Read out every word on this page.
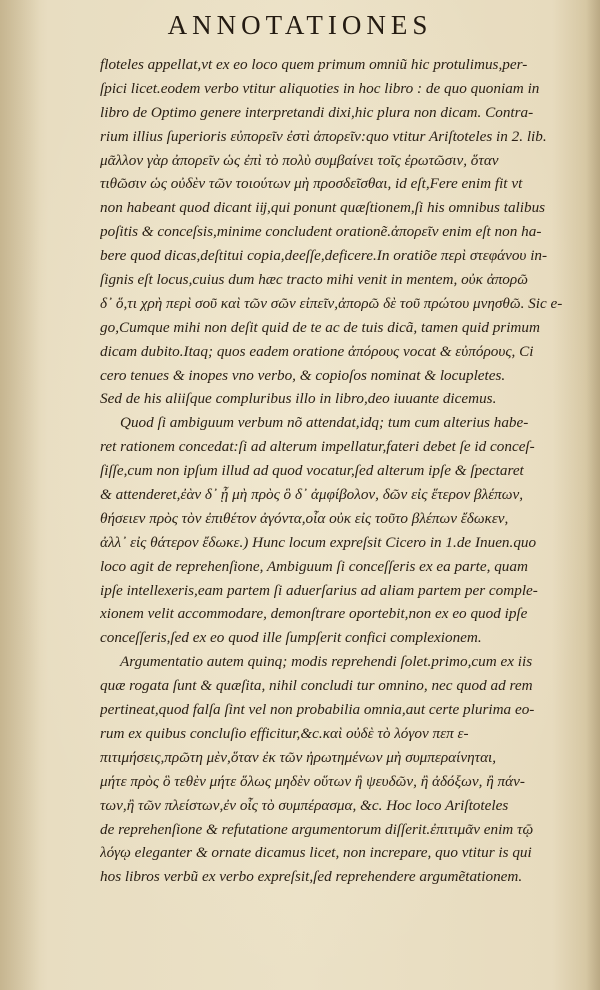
ANNOTATIONES
floteles appellat,vt ex eo loco quem primum omniũ hic protulimus,per-
ſpici licet.eodem verbo vtitur aliquoties in hoc libro : de quo quoniam in
libro de Optimo genere interpretandi dixi,hic plura non dicam. Contra-
rium illius ſuperioris εὐπορεῖν ἐστὶ ἀπορεῖν:quo vtitur Ariſtoteles in 2. lib.
μᾶλλον γὰρ ἀπορεῖν ὡς ἐπὶ τὸ πολὺ συμβαίνει τοῖς ἐρωτῶσιν, ὅταν
τιθῶσιν ὡς οὐδὲν τῶν τοιούτων μὴ προσδεῖσθαι, id eſt,Fere enim fit vt
non habeant quod dicant iĳ,qui ponunt quæſtionem,ſi his omnibus talibus
poſitis & conceſsis,minime concludent orationẽ.ἀπορεῖν enim eſt non ha-
bere quod dicas,deſtitui copia,deeſſe,deficere.In oratiõe περὶ στεφάνου in-
ſignis eſt locus,cuius dum hæc tracto mihi venit in mentem, οὐκ ἀπορῶ
δ᾽ ὅ,τι χρὴ περὶ σοῦ καὶ τῶν σῶν εἰπεῖν,ἀπορῶ δὲ τοῦ πρώτου μνησθῶ. Sic e-
go,Cumque mihi non deſit quid de te ac de tuis dicã, tamen quid primum
dicam dubito.Itaq; quos eadem oratione ἀπόρους vocat & εὐπόρους, Ci
cero tenues & inopes vno verbo, & copioſos nominat & locupletes.
Sed de his aliiſque compluribus illo in libro,deo iuuante dicemus.
Quod ſi ambiguum verbum nõ attendat,idq; tum cum alterius habe-
ret rationem concedat:ſi ad alterum impellatur,fateri debet ſe id conceſ-
ſiſſe,cum non ipſum illud ad quod vocatur,ſed alterum ipſe & ſpectaret
& attenderet,ἐὰν δ᾽ ᾖ μὴ πρὸς ὃ δ᾽ ἀμφίβολον, δῶν εἰς ἕτερον βλέπων,
θήσειεν πρὸς τὸν ἐπιθέτον ἀγόντα,οἷα οὐκ εἰς τοῦτο βλέπων ἔδωκεν,
ἀλλ᾽ εἰς θάτερον ἔδωκε.) Hunc locum expreſsit Cicero in 1.de Inuen.quo
loco agit de reprehenſione, Ambiguum ſi conceſſeris ex ea parte, quam
ipſe intellexeris,eam partem ſi aduerſarius ad aliam partem per comple-
xionem velit accommodare, demonſtrare oportebit,non ex eo quod ipſe
conceſſeris,ſed ex eo quod ille ſumpſerit confici complexionem.
Argumentatio autem quinq; modis reprehendi ſolet.primo,cum ex iis
quæ rogata ſunt & quæſita, nihil concludi tur omnino, nec quod ad rem
pertineat,quod falſa ſint vel non probabilia omnia,aut certe plurima eo-
rum ex quibus concluſio efficitur,&c.καὶ οὐδὲ τὸ λόγον πεπ ε-
πιτιμήσεις,πρῶτη μὲν,ὅταν ἐκ τῶν ἠρωτημένων μὴ συμπεραίνηται,
μήτε πρὸς ὃ τεθὲν μήτε ὅλως μηδὲν οὕτων ἢ ψευδῶν, ἢ ἀδόξων, ἢ πάν-
των,ἢ τῶν πλείστων,ἐν οἷς τὸ συμπέρασμα, &c. Hoc loco Ariſtoteles
de reprehenſione & refutatione argumentorum diſſerit.ἐπιτιμᾶν enim τῷ
λόγῳ eleganter & ornate dicamus licet, non increpare, quo vtitur is qui
hos libros verbũ ex verbo expreſsit,ſed reprehendere argumẽtationem.
